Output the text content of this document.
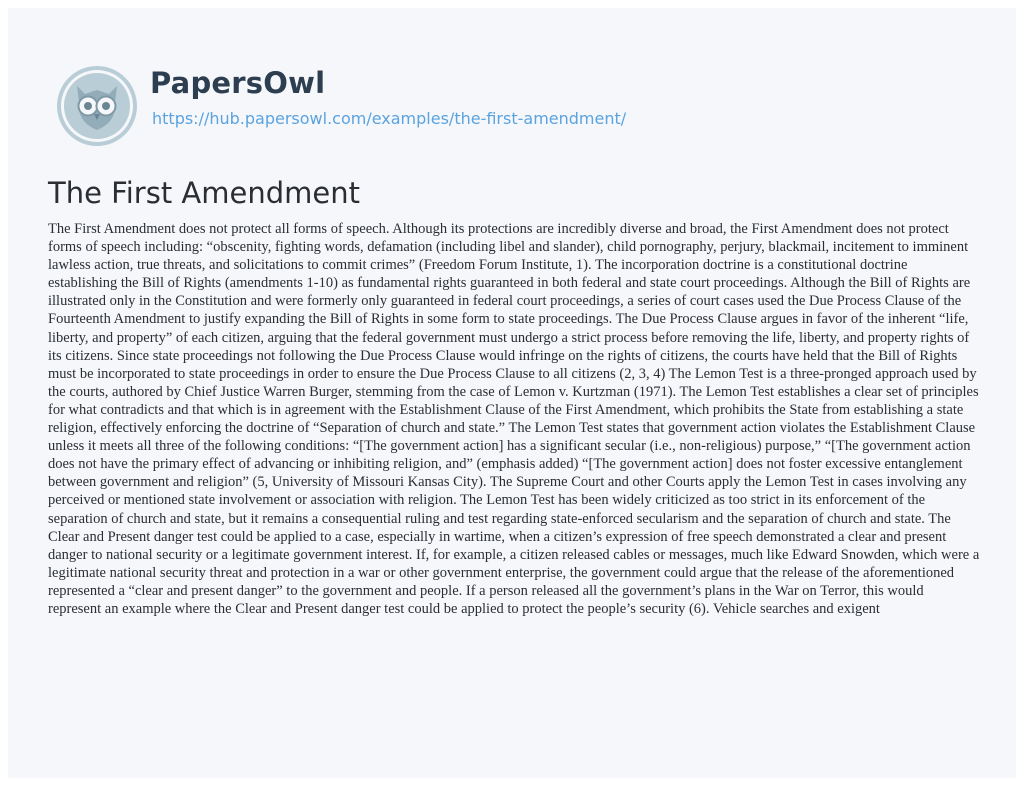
PapersOwl
https://hub.papersowl.com/examples/the-first-amendment/
The First Amendment

The First Amendment does not protect all forms of speech. Although its protections are incredibly diverse and broad, the First Amendment does not protect forms of speech including: “obscenity, fighting words, defamation (including libel and slander), child pornography, perjury, blackmail, incitement to imminent lawless action, true threats, and solicitations to commit crimes” (Freedom Forum Institute, 1). The incorporation doctrine is a constitutional doctrine establishing the Bill of Rights (amendments 1-10) as fundamental rights guaranteed in both federal and state court proceedings. Although the Bill of Rights are illustrated only in the Constitution and were formerly only guaranteed in federal court proceedings, a series of court cases used the Due Process Clause of the Fourteenth Amendment to justify expanding the Bill of Rights in some form to state proceedings. The Due Process Clause argues in favor of the inherent “life, liberty, and property” of each citizen, arguing that the federal government must undergo a strict process before removing the life, liberty, and property rights of its citizens. Since state proceedings not following the Due Process Clause would infringe on the rights of citizens, the courts have held that the Bill of Rights must be incorporated to state proceedings in order to ensure the Due Process Clause to all citizens (2, 3, 4) The Lemon Test is a three-pronged approach used by the courts, authored by Chief Justice Warren Burger, stemming from the case of Lemon v. Kurtzman (1971). The Lemon Test establishes a clear set of principles for what contradicts and that which is in agreement with the Establishment Clause of the First Amendment, which prohibits the State from establishing a state religion, effectively enforcing the doctrine of “Separation of church and state.” The Lemon Test states that government action violates the Establishment Clause unless it meets all three of the following conditions: “[The government action] has a significant secular (i.e., non-religious) purpose,” “[The government action does not have the primary effect of advancing or inhibiting religion, and” (emphasis added) “[The government action] does not foster excessive entanglement between government and religion” (5, University of Missouri Kansas City). The Supreme Court and other Courts apply the Lemon Test in cases involving any perceived or mentioned state involvement or association with religion. The Lemon Test has been widely criticized as too strict in its enforcement of the separation of church and state, but it remains a consequential ruling and test regarding state-enforced secularism and the separation of church and state. The Clear and Present danger test could be applied to a case, especially in wartime, when a citizen’s expression of free speech demonstrated a clear and present danger to national security or a legitimate government interest. If, for example, a citizen released cables or messages, much like Edward Snowden, which were a legitimate national security threat and protection in a war or other government enterprise, the government could argue that the release of the aforementioned represented a “clear and present danger” to the government and people. If a person released all the government’s plans in the War on Terror, this would represent an example where the Clear and Present danger test could be applied to protect the people’s security (6). Vehicle searches and exigent
